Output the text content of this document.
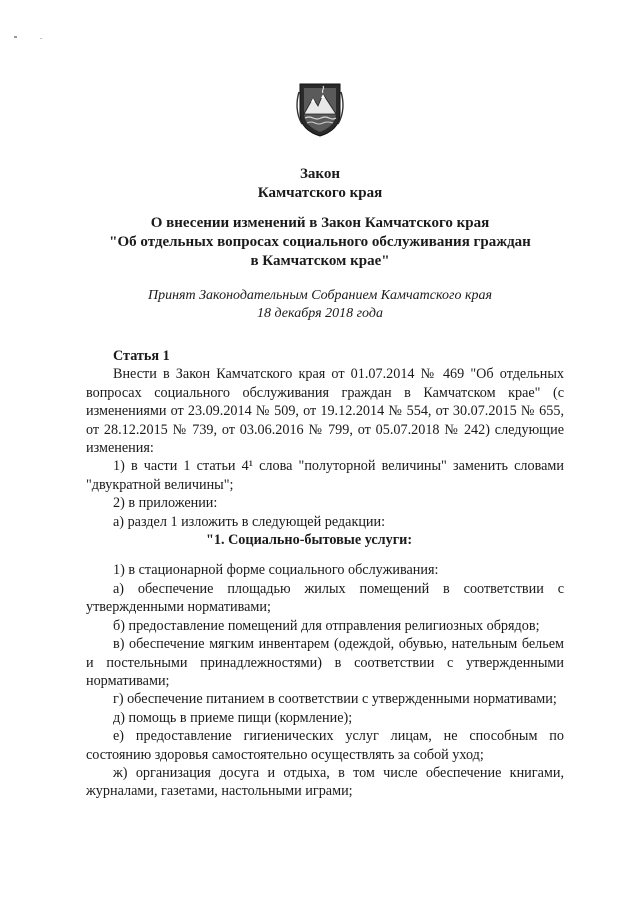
Закон
Камчатского края
О внесении изменений в Закон Камчатского края
"Об отдельных вопросах социального обслуживания граждан
в Камчатском крае"
Принят Законодательным Собранием Камчатского края
18 декабря 2018 года

Статья 1

Внести в Закон Камчатского края от 01.07.2014 № 469 "Об отдельных вопросах социального обслуживания граждан в Камчатском крае" (с изменениями от 23.09.2014 № 509, от 19.12.2014 № 554, от 30.07.2015 № 655, от 28.12.2015 № 739, от 03.06.2016 № 799, от 05.07.2018 № 242) следующие изменения:

1) в части 1 статьи 4¹ слова "полуторной величины" заменить словами "двукратной величины";

2) в приложении:

а) раздел 1 изложить в следующей редакции:

"1. Социально-бытовые услуги:

1) в стационарной форме социального обслуживания:

а) обеспечение площадью жилых помещений в соответствии с утвержденными нормативами;

б) предоставление помещений для отправления религиозных обрядов;

в) обеспечение мягким инвентарем (одеждой, обувью, нательным бельем и постельными принадлежностями) в соответствии с утвержденными нормативами;

г) обеспечение питанием в соответствии с утвержденными нормативами;

д) помощь в приеме пищи (кормление);

е) предоставление гигиенических услуг лицам, не способным по состоянию здоровья самостоятельно осуществлять за собой уход;

ж) организация досуга и отдыха, в том числе обеспечение книгами, журналами, газетами, настольными играми;
